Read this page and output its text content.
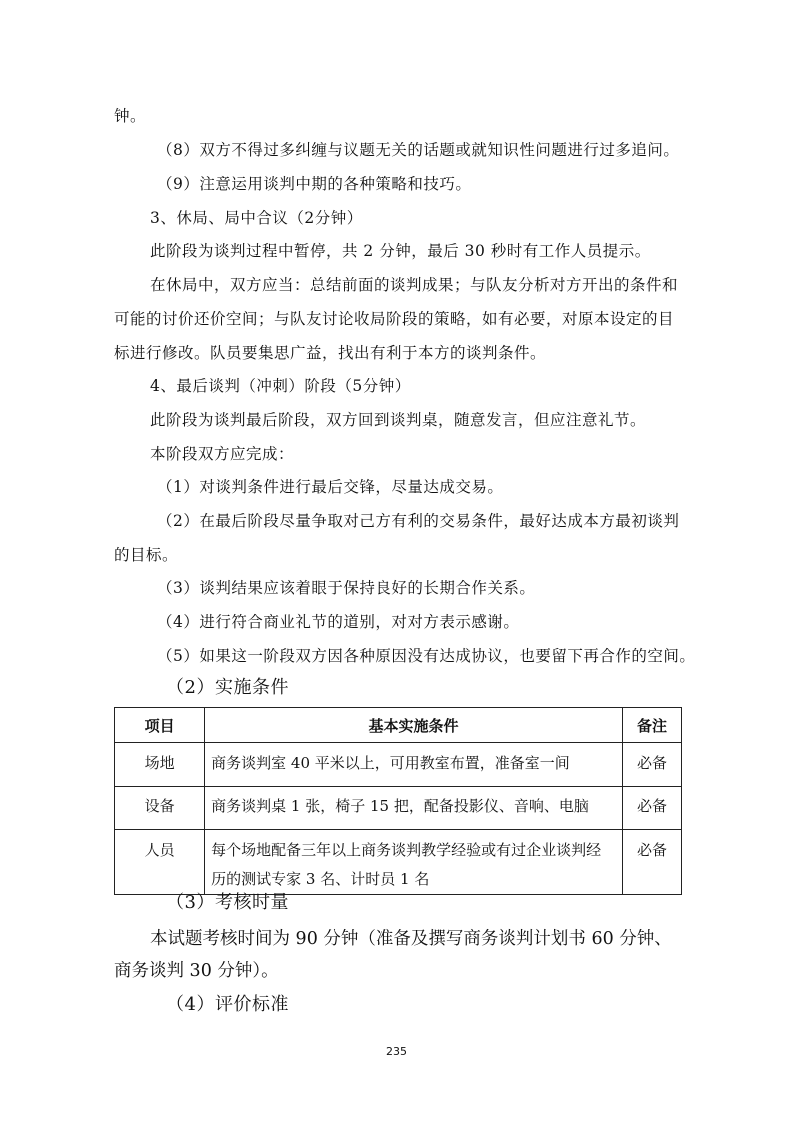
钟。
（8）双方不得过多纠缠与议题无关的话题或就知识性问题进行过多追问。
（9）注意运用谈判中期的各种策略和技巧。
3、休局、局中合议（2分钟）
此阶段为谈判过程中暂停，共 2 分钟，最后 30 秒时有工作人员提示。
在休局中，双方应当：总结前面的谈判成果；与队友分析对方开出的条件和
可能的讨价还价空间；与队友讨论收局阶段的策略，如有必要，对原本设定的目
标进行修改。队员要集思广益，找出有利于本方的谈判条件。
4、最后谈判（冲刺）阶段（5分钟）
此阶段为谈判最后阶段，双方回到谈判桌，随意发言，但应注意礼节。
本阶段双方应完成：
（1）对谈判条件进行最后交锋，尽量达成交易。
（2）在最后阶段尽量争取对己方有利的交易条件，最好达成本方最初谈判
的目标。
（3）谈判结果应该着眼于保持良好的长期合作关系。
（4）进行符合商业礼节的道别，对对方表示感谢。
（5）如果这一阶段双方因各种原因没有达成协议，也要留下再合作的空间。
（2）实施条件
项目	基本实施条件	备注
场地	商务谈判室 40 平米以上，可用教室布置，准备室一间	必备
设备	商务谈判桌 1 张，椅子 15 把，配备投影仪、音响、电脑	必备
人员	每个场地配备三年以上商务谈判教学经验或有过企业谈判经历的测试专家 3 名、计时员 1 名	必备
（3）考核时量
本试题考核时间为 90 分钟（准备及撰写商务谈判计划书 60 分钟、
商务谈判 30 分钟）。
（4）评价标准
235
